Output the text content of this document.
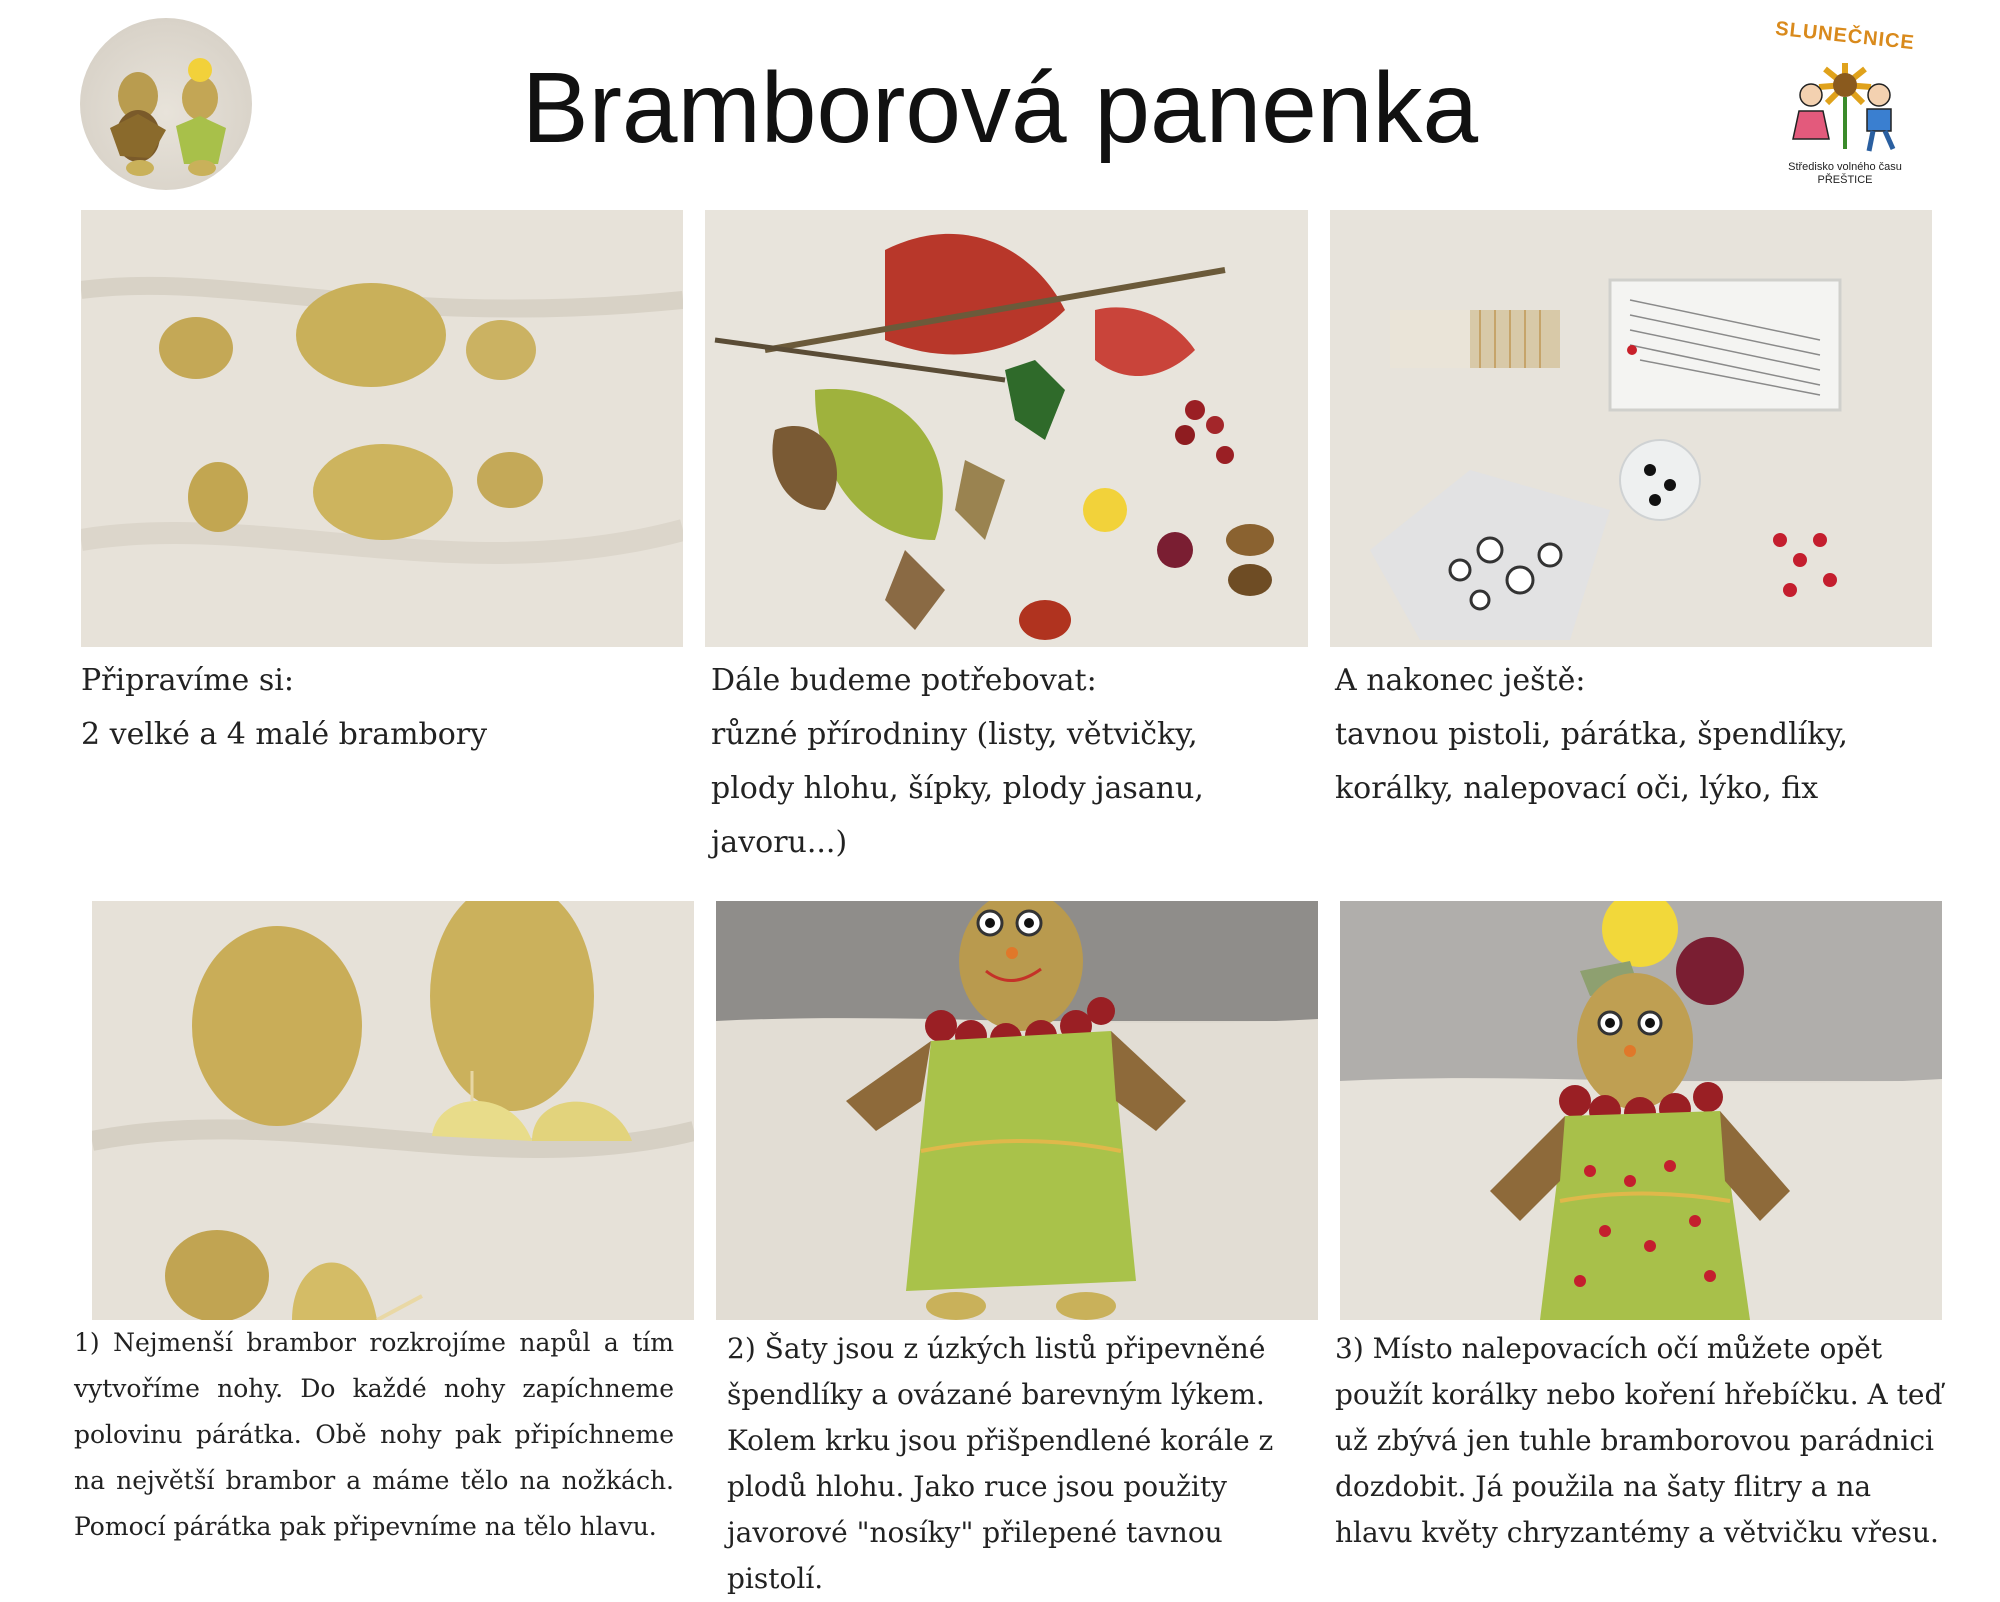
Bramborová panenka
SLUNEČNICE
Středisko volného času
PŘEŠTICE

Připravíme si:

2 velké a 4 malé brambory

Dále budeme potřebovat:

různé přírodniny (listy, větvičky,

plody hlohu, šípky, plody jasanu,

javoru...)

A nakonec ještě:

tavnou pistoli, párátka, špendlíky,

korálky, nalepovací oči, lýko, fix

1) Nejmenší brambor rozkrojíme napůl a tím vytvoříme nohy. Do každé nohy zapíchneme polovinu párátka. Obě nohy pak připíchneme na největší brambor a máme tělo na nožkách. Pomocí párátka pak připevníme na tělo hlavu.
2) Šaty jsou z úzkých listů připevněné špendlíky a ovázané barevným lýkem. Kolem krku jsou přišpendlené korále z plodů hlohu. Jako ruce jsou použity javorové "nosíky" přilepené tavnou pistolí.
3) Místo nalepovacích očí můžete opět použít korálky nebo koření hřebíčku. A teď už zbývá jen tuhle bramborovou parádnici dozdobit. Já použila na šaty flitry a na hlavu květy chryzantémy a větvičku vřesu.
